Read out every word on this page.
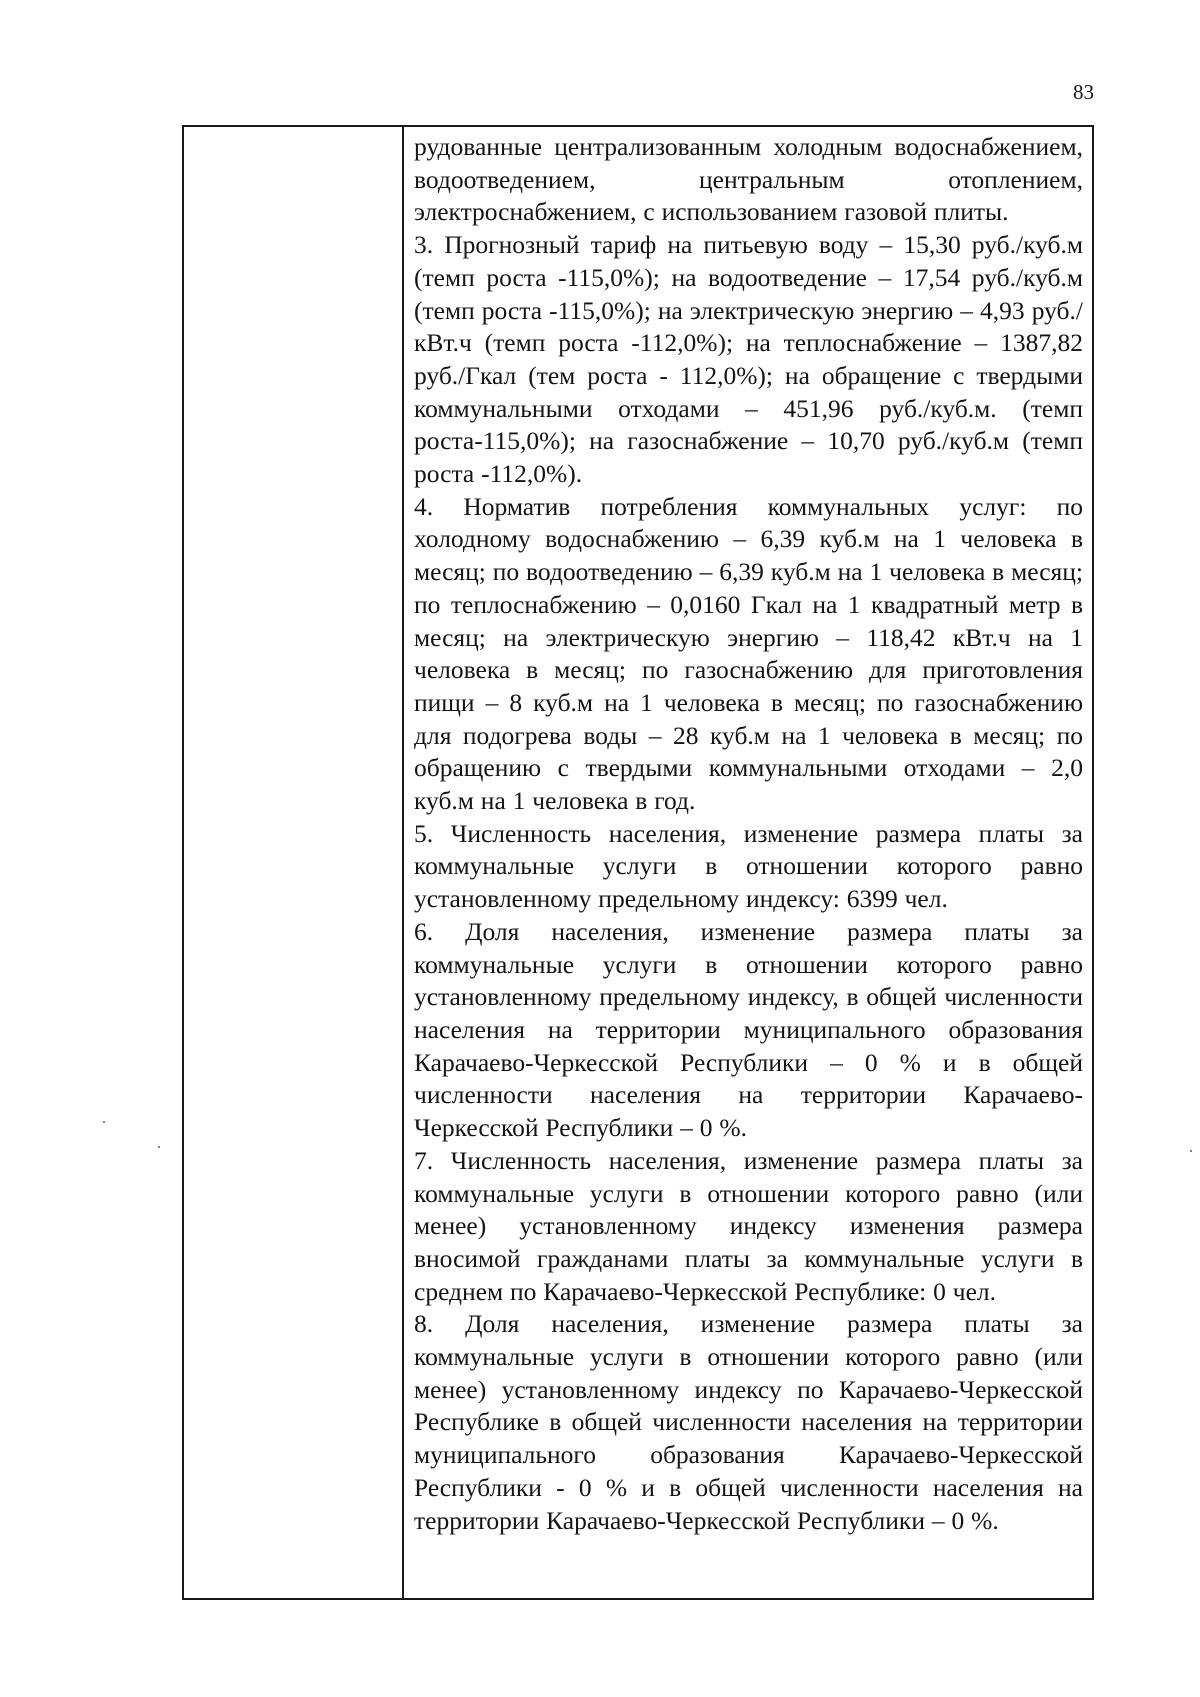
83

рудованные централизованным холодным водоснабжением, водоотведением, центральным отоплением, электроснабжением, с использованием газовой плиты.

3. Прогнозный тариф на питьевую воду – 15,30 руб./куб.м (темп роста -115,0%); на водоотведение – 17,54 руб./куб.м (темп роста -115,0%); на электрическую энергию – 4,93 руб./кВт.ч (темп роста -112,0%); на теплоснабжение – 1387,82 руб./Гкал (тем роста - 112,0%); на обращение с твердыми коммунальными отходами – 451,96 руб./куб.м. (темп роста-115,0%); на газоснабжение – 10,70 руб./куб.м (темп роста -112,0%).

4. Норматив потребления коммунальных услуг: по холодному водоснабжению – 6,39 куб.м на 1 человека в месяц; по водоотведению – 6,39 куб.м на 1 человека в месяц; по теплоснабжению – 0,0160 Гкал на 1 квадратный метр в месяц; на электрическую энергию – 118,42 кВт.ч на 1 человека в месяц; по газоснабжению для приготовления пищи – 8 куб.м на 1 человека в месяц; по газоснабжению для подогрева воды – 28 куб.м на 1 человека в месяц; по обращению с твердыми коммунальными отходами – 2,0 куб.м на 1 человека в год.

5. Численность населения, изменение размера платы за коммунальные услуги в отношении которого равно установленному предельному индексу: 6399 чел.

6. Доля населения, изменение размера платы за коммунальные услуги в отношении которого равно установленному предельному индексу, в общей численности населения на территории муниципального образования Карачаево-Черкесской Республики – 0 % и в общей численности населения на территории Карачаево-Черкесской Республики – 0 %.

7. Численность населения, изменение размера платы за коммунальные услуги в отношении которого равно (или менее) установленному индексу изменения размера вносимой гражданами платы за коммунальные услуги в среднем по Карачаево-Черкесской Республике: 0 чел.

8. Доля населения, изменение размера платы за коммунальные услуги в отношении которого равно (или менее) установленному индексу по Карачаево-Черкесской Республике в общей численности населения на территории муниципального образования Карачаево-Черкесской Республики - 0 % и в общей численности населения на территории Карачаево-Черкесской Республики – 0 %.
